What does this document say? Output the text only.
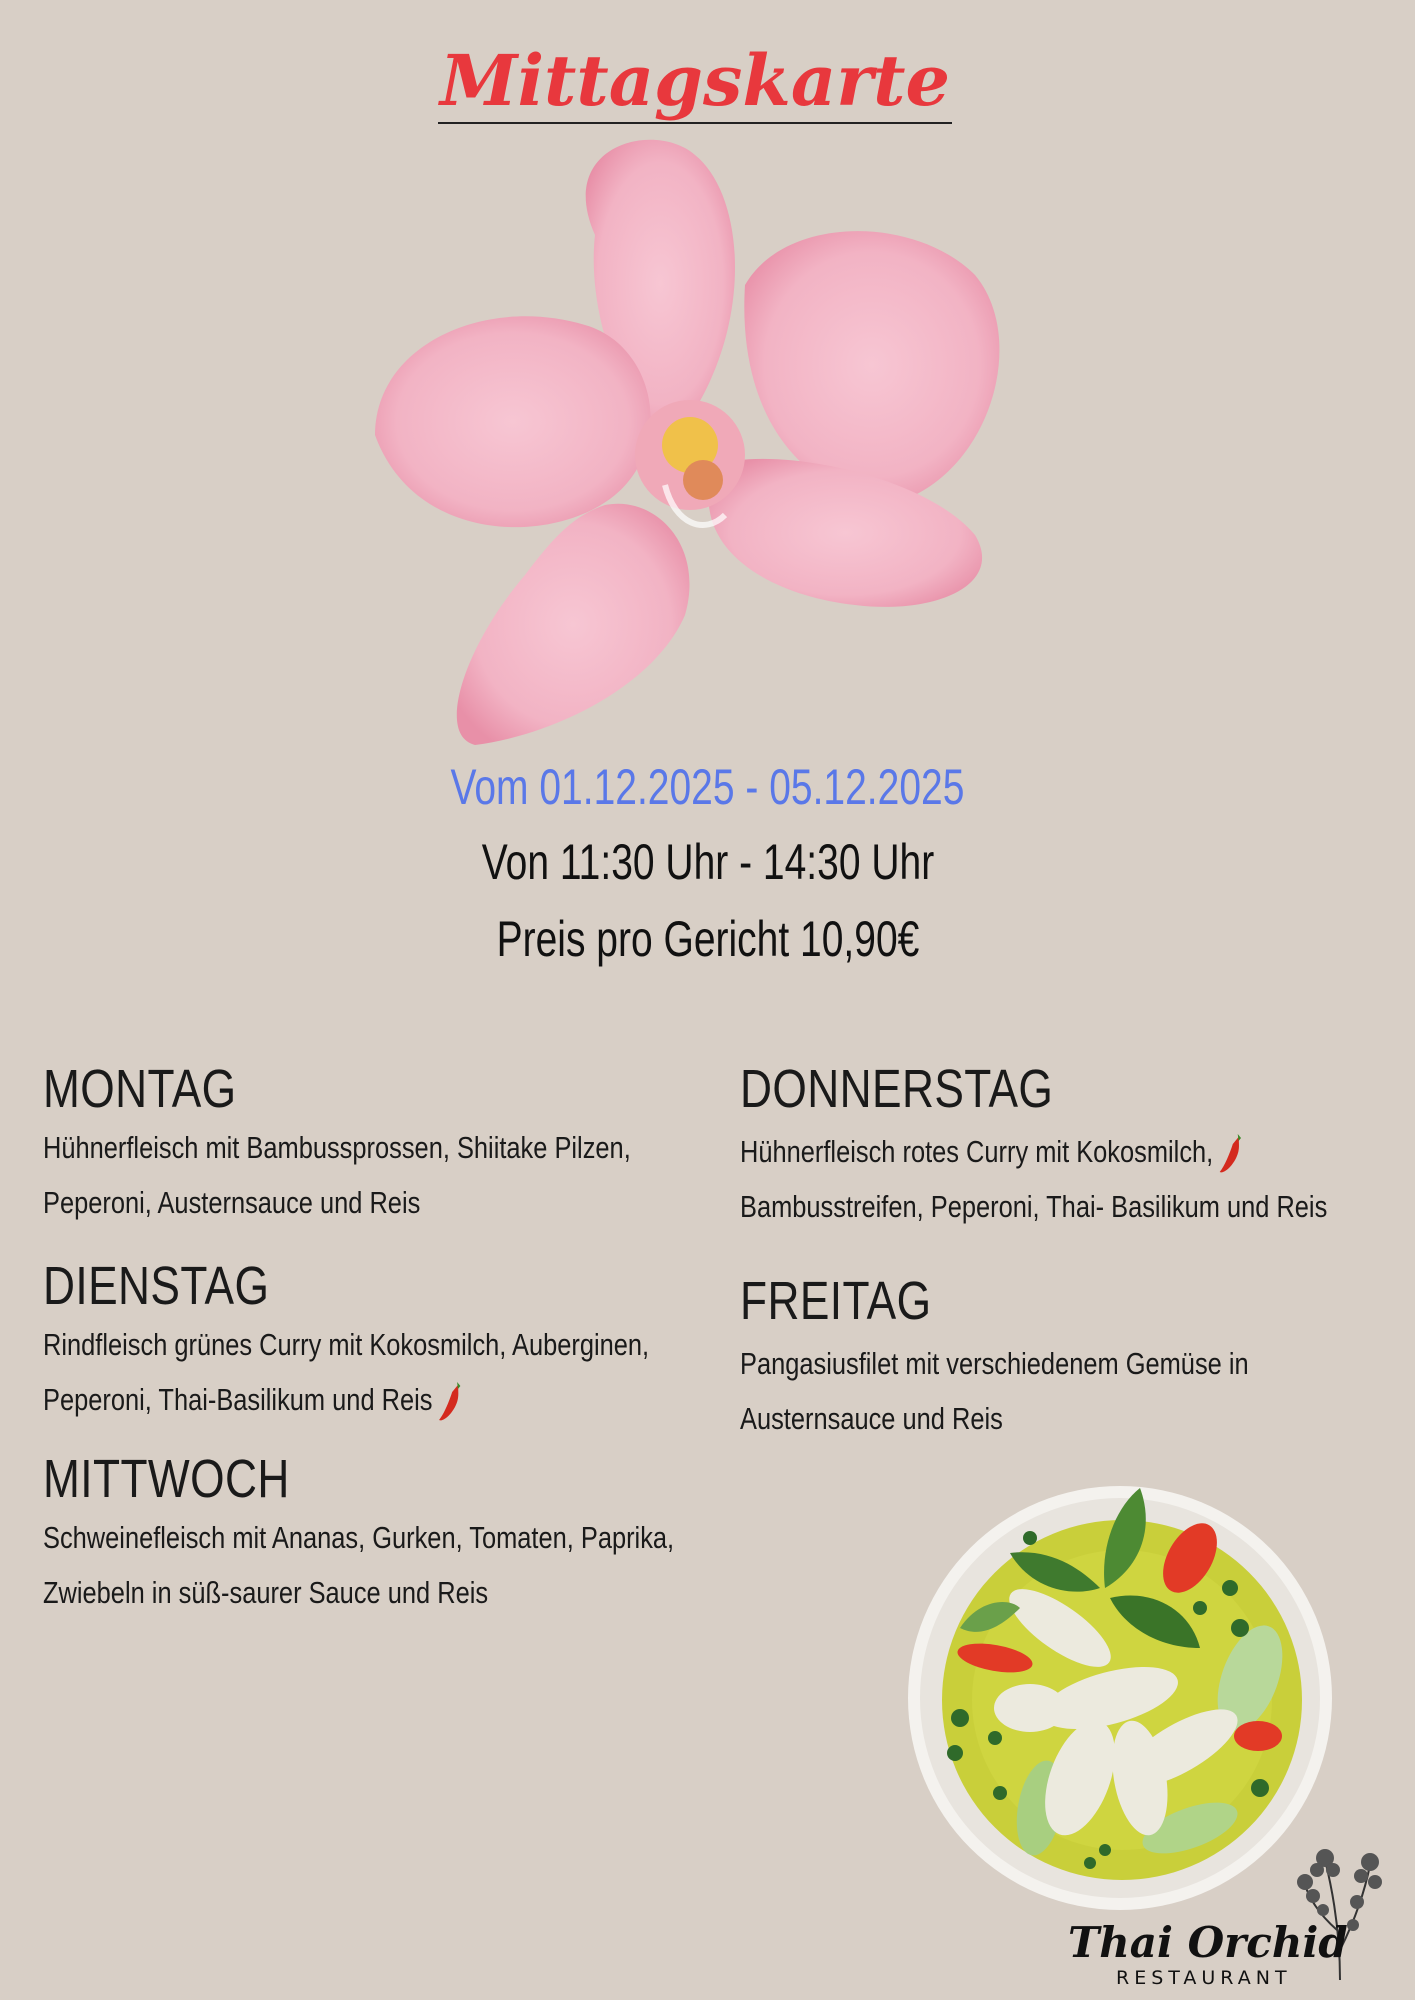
Mittagskarte
Vom 01.12.2025 - 05.12.2025
Von 11:30 Uhr - 14:30 Uhr
Preis pro Gericht 10,90€
MONTAG

Hühnerfleisch mit Bambussprossen, Shiitake Pilzen,
Peperoni, Austernsauce und Reis

DIENSTAG

Rindfleisch grünes Curry mit Kokosmilch, Auberginen,
Peperoni, Thai-Basilikum und Reis

MITTWOCH

Schweinefleisch mit Ananas, Gurken, Tomaten, Paprika,
Zwiebeln in süß-saurer Sauce und Reis

DONNERSTAG

Hühnerfleisch rotes Curry mit Kokosmilch,
Bambusstreifen, Peperoni, Thai- Basilikum und Reis

FREITAG

Pangasiusfilet mit verschiedenem Gemüse in
Austernsauce und Reis

Thai Orchid
RESTAURANT
